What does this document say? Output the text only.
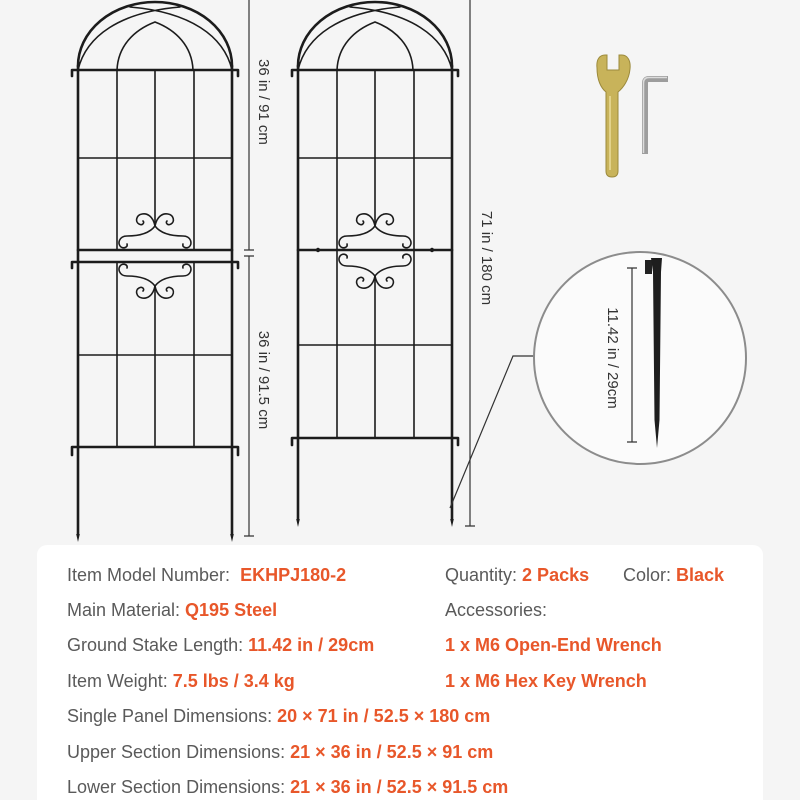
36 in / 91 cm
36 in / 91.5 cm
71 in / 180 cm
11.42 in / 29cm
Item Model Number: EKHPJ180-2	Quantity: 2 Packs Color: Black
Main Material: Q195 Steel	Accessories:
Ground Stake Length: 11.42 in / 29cm	1 x M6 Open-End Wrench
Item Weight: 7.5 lbs / 3.4 kg	1 x M6 Hex Key Wrench
Single Panel Dimensions: 20 × 71 in / 52.5 × 180 cm
Upper Section Dimensions: 21 × 36 in / 52.5 × 91 cm
Lower Section Dimensions: 21 × 36 in / 52.5 × 91.5 cm
